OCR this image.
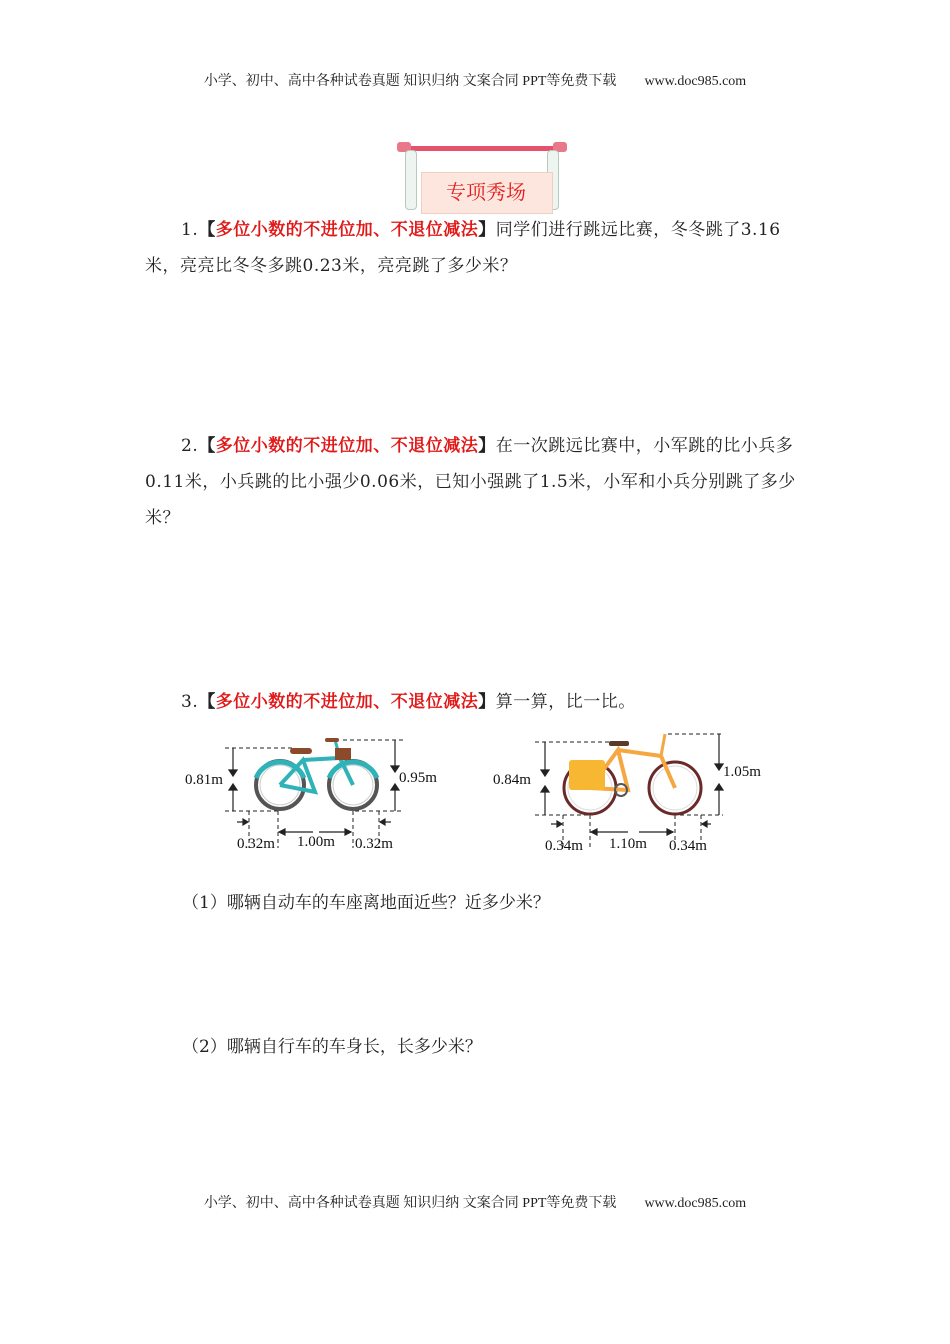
小学、初中、高中各种试卷真题 知识归纳 文案合同 PPT等免费下载 www.doc985.com
专项秀场
1.【多位小数的不进位加、不退位减法】同学们进行跳远比赛，冬冬跳了3.16米，亮亮比冬冬多跳0.23米，亮亮跳了多少米？
2.【多位小数的不进位加、不退位减法】在一次跳远比赛中，小军跳的比小兵多0.11米，小兵跳的比小强少0.06米，已知小强跳了1.5米，小军和小兵分别跳了多少米？
3.【多位小数的不进位加、不退位减法】算一算，比一比。
0.81m	0.95m
0.32m 1.00m 0.32m
0.84m	1.05m
0.34m 1.10m 0.34m
（1）哪辆自动车的车座离地面近些？近多少米？
（2）哪辆自行车的车身长，长多少米？
小学、初中、高中各种试卷真题 知识归纳 文案合同 PPT等免费下载 www.doc985.com
